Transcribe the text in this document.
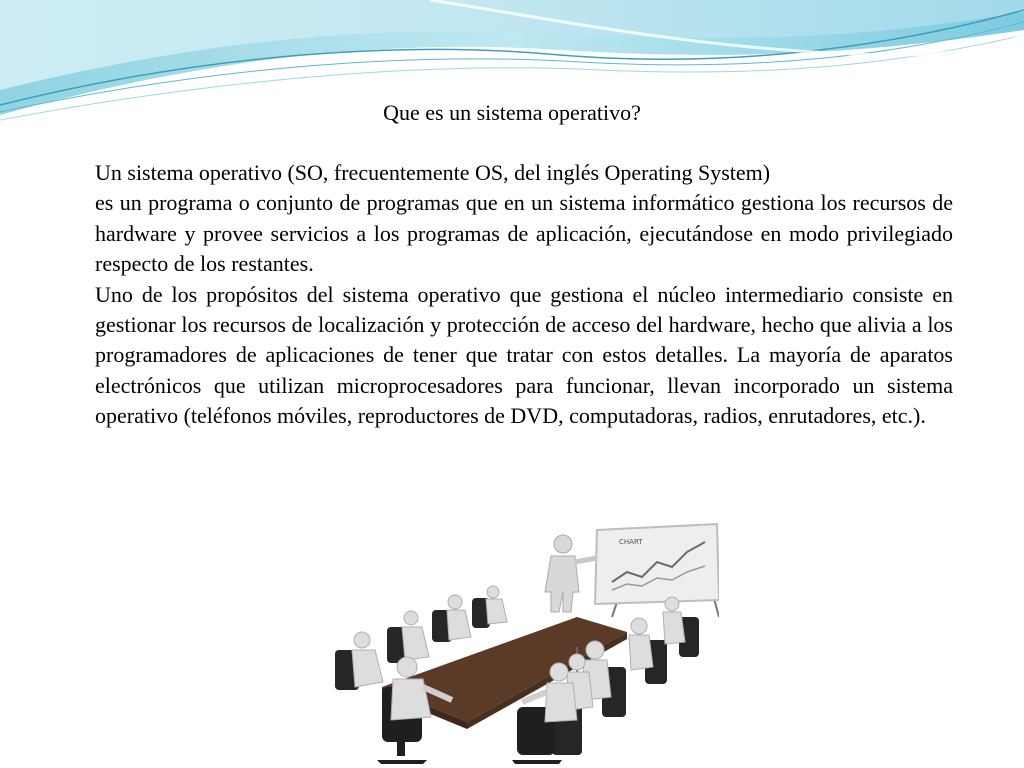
Que es un sistema operativo?

Un sistema operativo (SO, frecuentemente OS, del inglés Operating System)

es un programa o conjunto de programas que en un sistema informático gestiona los recursos de hardware y provee servicios a los programas de aplicación, ejecutándose en modo privilegiado respecto de los restantes.

Uno de los propósitos del sistema operativo que gestiona el núcleo intermediario consiste en gestionar los recursos de localización y protección de acceso del hardware, hecho que alivia a los programadores de aplicaciones de tener que tratar con estos detalles. La mayoría de aparatos electrónicos que utilizan microprocesadores para funcionar, llevan incorporado un sistema operativo (teléfonos móviles, reproductores de DVD, computadoras, radios, enrutadores, etc.).

CHART
